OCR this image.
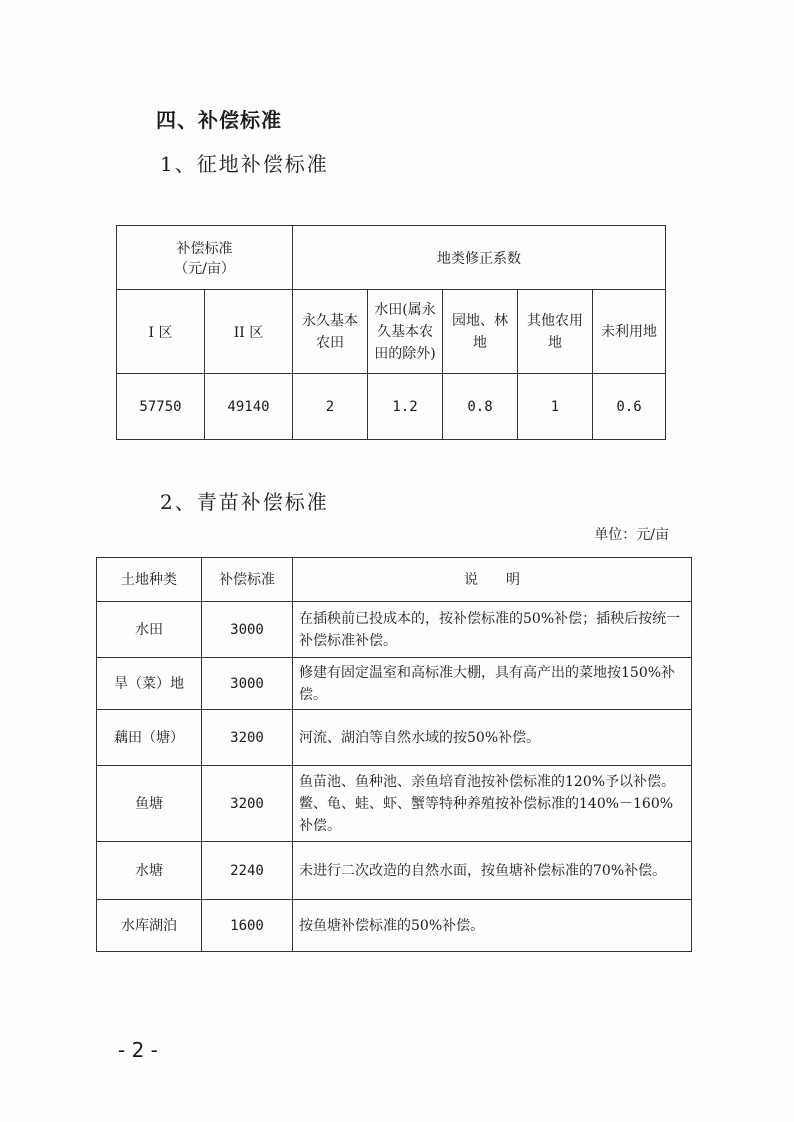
四、补偿标准
1、征地补偿标准
补偿标准
（元/亩）		地类修正系数				
I 区	II 区	永久基本农田	水田(属永久基本农田的除外)	园地、林地	其他农用地	未利用地
57750	49140	2	1.2	0.8	1	0.6
2、青苗补偿标准
单位：元/亩
土地种类	补偿标准	说　　明
水田	3000	在插秧前已投成本的，按补偿标准的50%补偿；插秧后按统一补偿标准补偿。
旱（菜）地	3000	修建有固定温室和高标准大棚，具有高产出的菜地按150%补偿。
藕田（塘）	3200	河流、湖泊等自然水域的按50%补偿。
鱼塘	3200	鱼苗池、鱼种池、亲鱼培育池按补偿标准的120%予以补偿。鳖、龟、蛙、虾、蟹等特种养殖按补偿标准的140%－160%补偿。
水塘	2240	未进行二次改造的自然水面，按鱼塘补偿标准的70%补偿。
水库湖泊	1600	按鱼塘补偿标准的50%补偿。
- 2 -
